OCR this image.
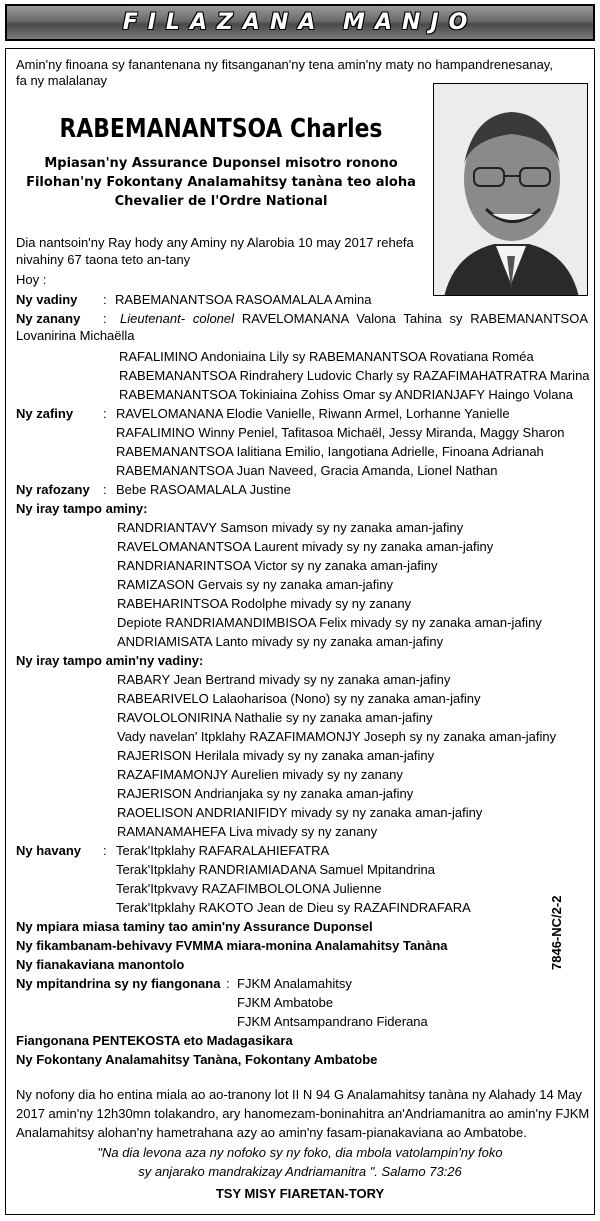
FILAZANA MANJO
Amin'ny finoana sy fanantenana ny fitsanganan'ny tena amin'ny maty no hampandrenesanay,
fa ny malalanay
RABEMANANTSOA Charles
Mpiasan'ny Assurance Duponsel misotro ronono
Filohan'ny Fokontany Analamahitsy tanàna teo aloha
Chevalier de l'Ordre National
Dia nantsoin'ny Ray hody any Aminy ny Alarobia 10 may 2017 rehefa
nivahiny 67 taona teto an-tany
Hoy :
Ny vadiny : RABEMANANTSOA RASOAMALALA Amina
Ny zanany : Lieutenant- colonel RAVELOMANANA Valona Tahina sy RABEMANANTSOA
Lovanirina Michaëlla
RAFALIMINO Andoniaina Lily sy RABEMANANTSOA Rovatiana Roméa
RABEMANANTSOA Rindrahery Ludovic Charly sy RAZAFIMAHATRATRA Marina
RABEMANANTSOA Tokiniaina Zohiss Omar sy ANDRIANJAFY Haingo Volana
Ny zafiny : RAVELOMANANA Elodie Vanielle, Riwann Armel, Lorhanne Yanielle
RAFALIMINO Winny Peniel, Tafitasoa Michaël, Jessy Miranda, Maggy Sharon
RABEMANANTSOA Ialitiana Emilio, Iangotiana Adrielle, Finoana Adrianah
RABEMANANTSOA Juan Naveed, Gracia Amanda, Lionel Nathan
Ny rafozany : Bebe RASOAMALALA Justine
Ny iray tampo aminy:
RANDRIANTAVY Samson mivady sy ny zanaka aman-jafiny
RAVELOMANANTSOA Laurent mivady sy ny zanaka aman-jafiny
RANDRIANARINTSOA Victor sy ny zanaka aman-jafiny
RAMIZASON Gervais sy ny zanaka aman-jafiny
RABEHARINTSOA Rodolphe mivady sy ny zanany
Depiote RANDRIAMANDIMBISOA Felix mivady sy ny zanaka aman-jafiny
ANDRIAMISATA Lanto mivady sy ny zanaka aman-jafiny
Ny iray tampo amin'ny vadiny:
RABARY Jean Bertrand mivady sy ny zanaka aman-jafiny
RABEARIVELO Lalaoharisoa (Nono) sy ny zanaka aman-jafiny
RAVOLOLONIRINA Nathalie sy ny zanaka aman-jafiny
Vady navelan' Itpklahy RAZAFIMAMONJY Joseph sy ny zanaka aman-jafiny
RAJERISON Herilala mivady sy ny zanaka aman-jafiny
RAZAFIMAMONJY Aurelien mivady sy ny zanany
RAJERISON Andrianjaka sy ny zanaka aman-jafiny
RAOELISON ANDRIANIFIDY mivady sy ny zanaka aman-jafiny
RAMANAMAHEFA Liva mivady sy ny zanany
Ny havany : Terak'Itpklahy RAFARALAHIEFATRA
Terak'Itpklahy RANDRIAMIADANA Samuel Mpitandrina
Terak'Itpkvavy RAZAFIMBOLOLONA Julienne
Terak'Itpklahy RAKOTO Jean de Dieu sy RAZAFINDRAFARA
Ny mpiara miasa taminy tao amin'ny Assurance Duponsel
Ny fikambanam-behivavy FVMMA miara-monina Analamahitsy Tanàna
Ny fianakaviana manontolo
Ny mpitandrina sy ny fiangonana : FJKM Analamahitsy
FJKM Ambatobe
FJKM Antsampandrano Fiderana
7846-NC/2-2
Fiangonana PENTEKOSTA eto Madagasikara
Ny Fokontany Analamahitsy Tanàna, Fokontany Ambatobe
Ny nofony dia ho entina miala ao ao-tranony lot II N 94 G Analamahitsy tanàna ny Alahady 14 May
2017 amin'ny 12h30mn tolakandro, ary hanomezam-boninahitra an'Andriamanitra ao amin'ny FJKM
Analamahitsy alohan'ny hametrahana azy ao amin'ny fasam-pianakaviana ao Ambatobe.
"Na dia levona aza ny nofoko sy ny foko, dia mbola vatolampin'ny foko
sy anjarako mandrakizay Andriamanitra ". Salamo 73:26
TSY MISY FIARETAN-TORY
